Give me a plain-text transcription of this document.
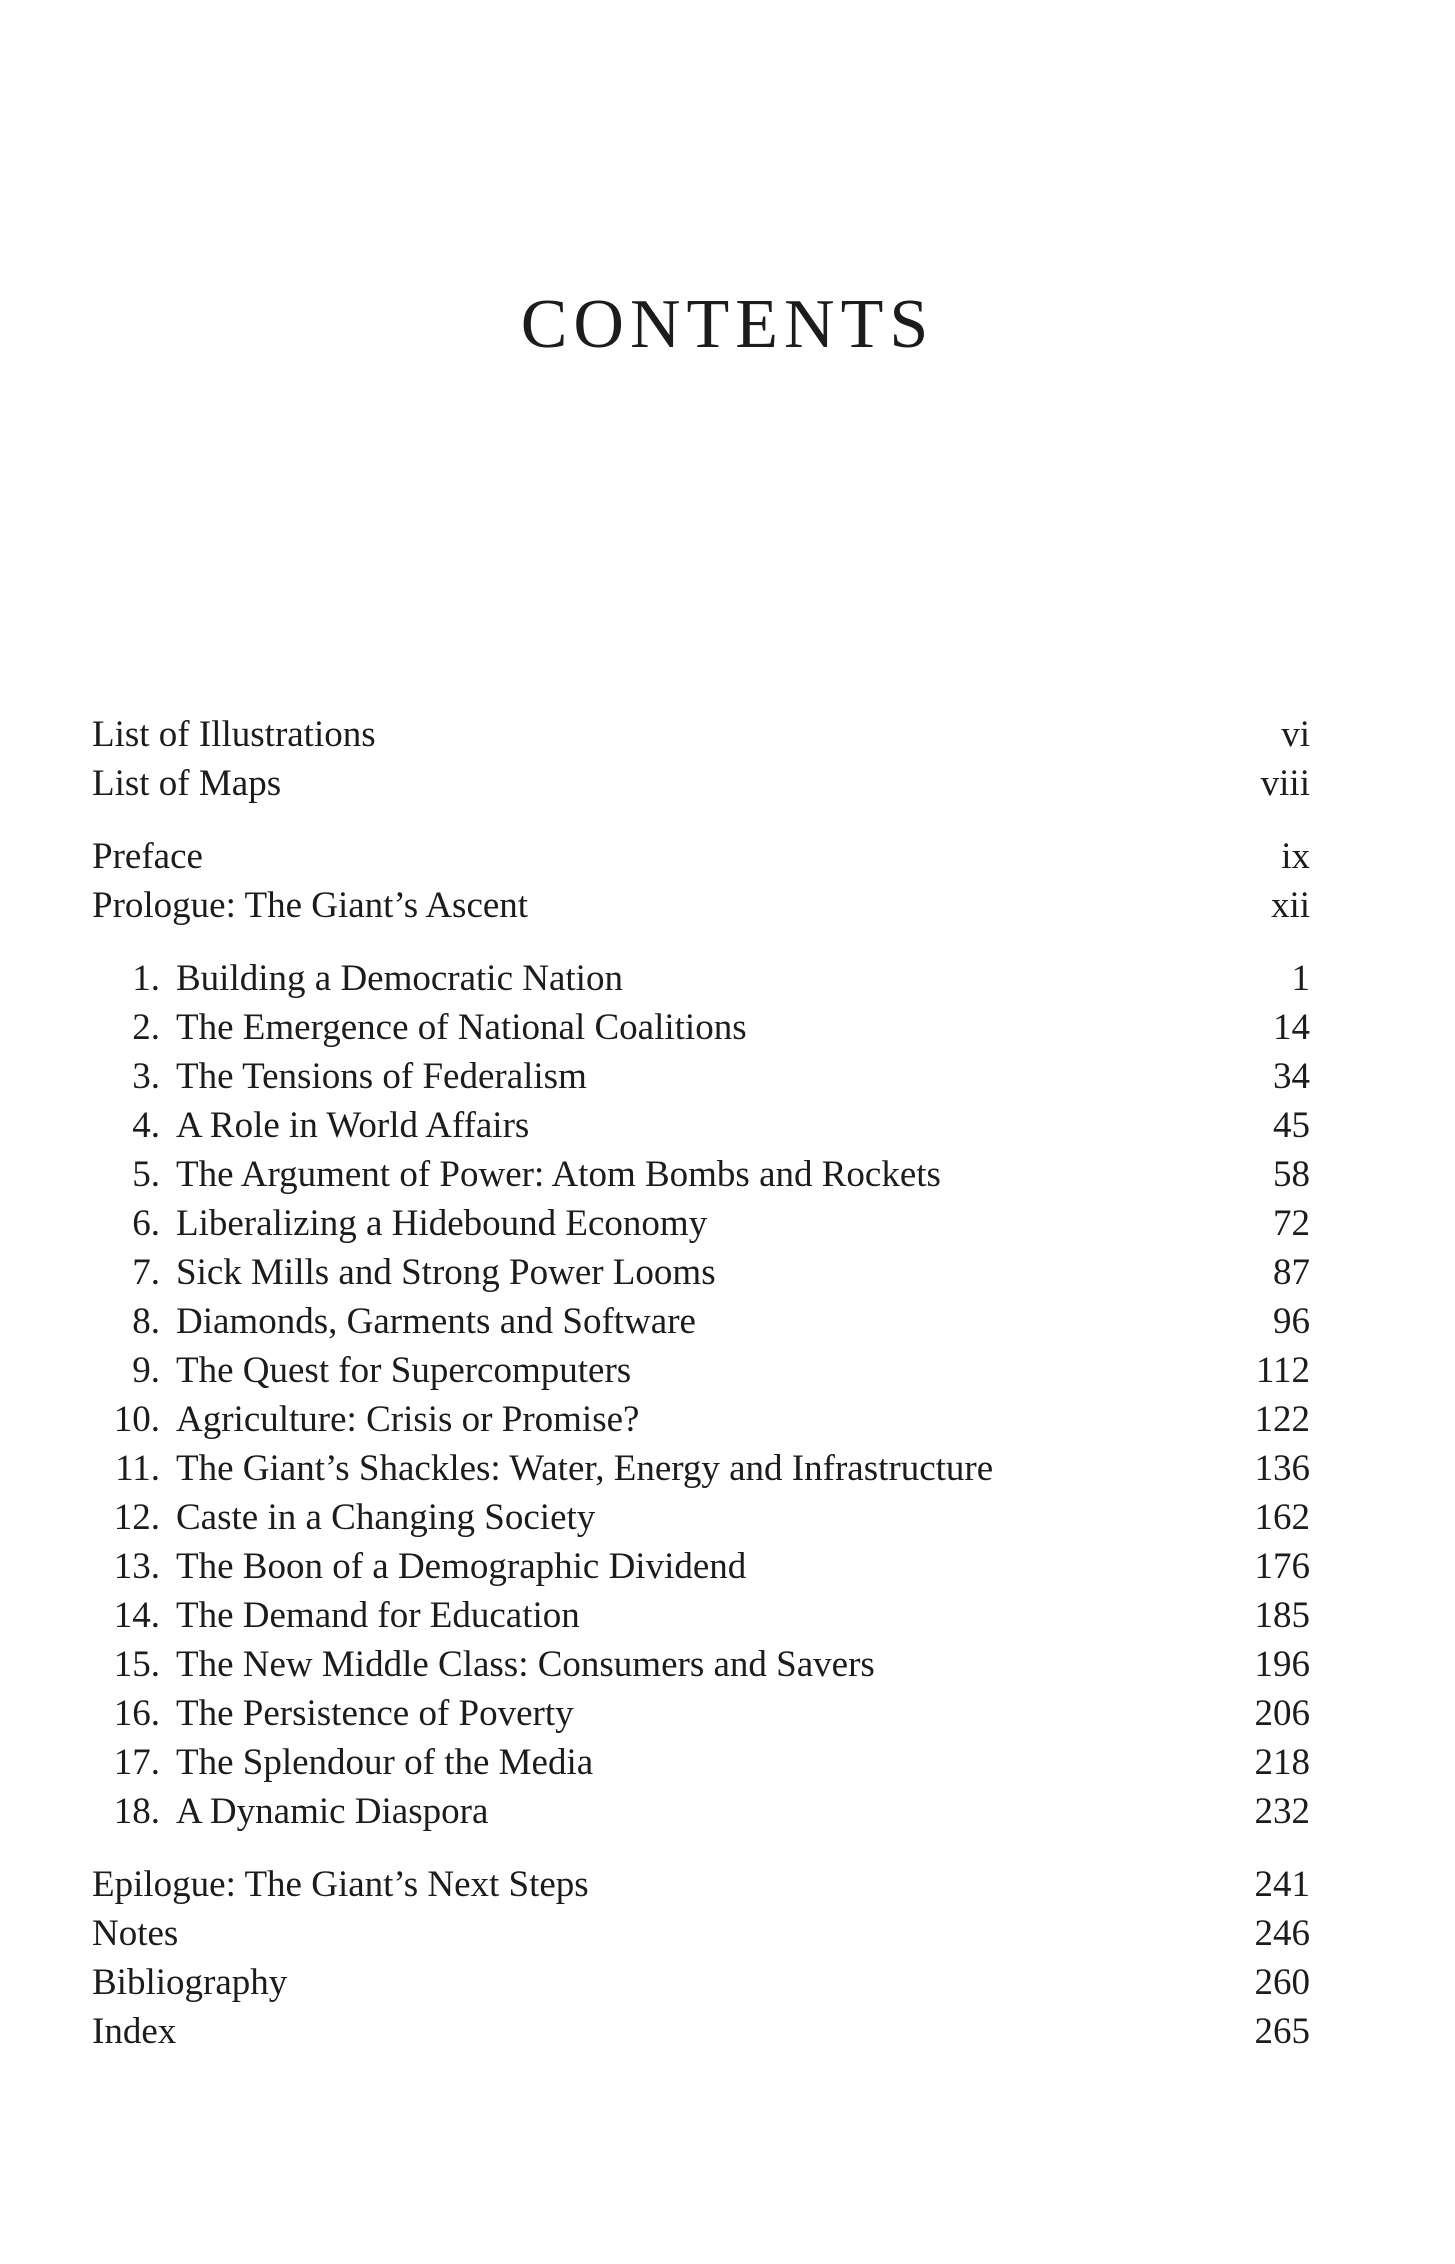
CONTENTS
List of Illustrations	vi
List of Maps	viii
Preface	ix
Prologue: The Giant’s Ascent	xii
1. Building a Democratic Nation	1
2. The Emergence of National Coalitions	14
3. The Tensions of Federalism	34
4. A Role in World Affairs	45
5. The Argument of Power: Atom Bombs and Rockets	58
6. Liberalizing a Hidebound Economy	72
7. Sick Mills and Strong Power Looms	87
8. Diamonds, Garments and Software	96
9. The Quest for Supercomputers	112
10. Agriculture: Crisis or Promise?	122
11. The Giant’s Shackles: Water, Energy and Infrastructure	136
12. Caste in a Changing Society	162
13. The Boon of a Demographic Dividend	176
14. The Demand for Education	185
15. The New Middle Class: Consumers and Savers	196
16. The Persistence of Poverty	206
17. The Splendour of the Media	218
18. A Dynamic Diaspora	232
Epilogue: The Giant’s Next Steps	241
Notes	246
Bibliography	260
Index	265
